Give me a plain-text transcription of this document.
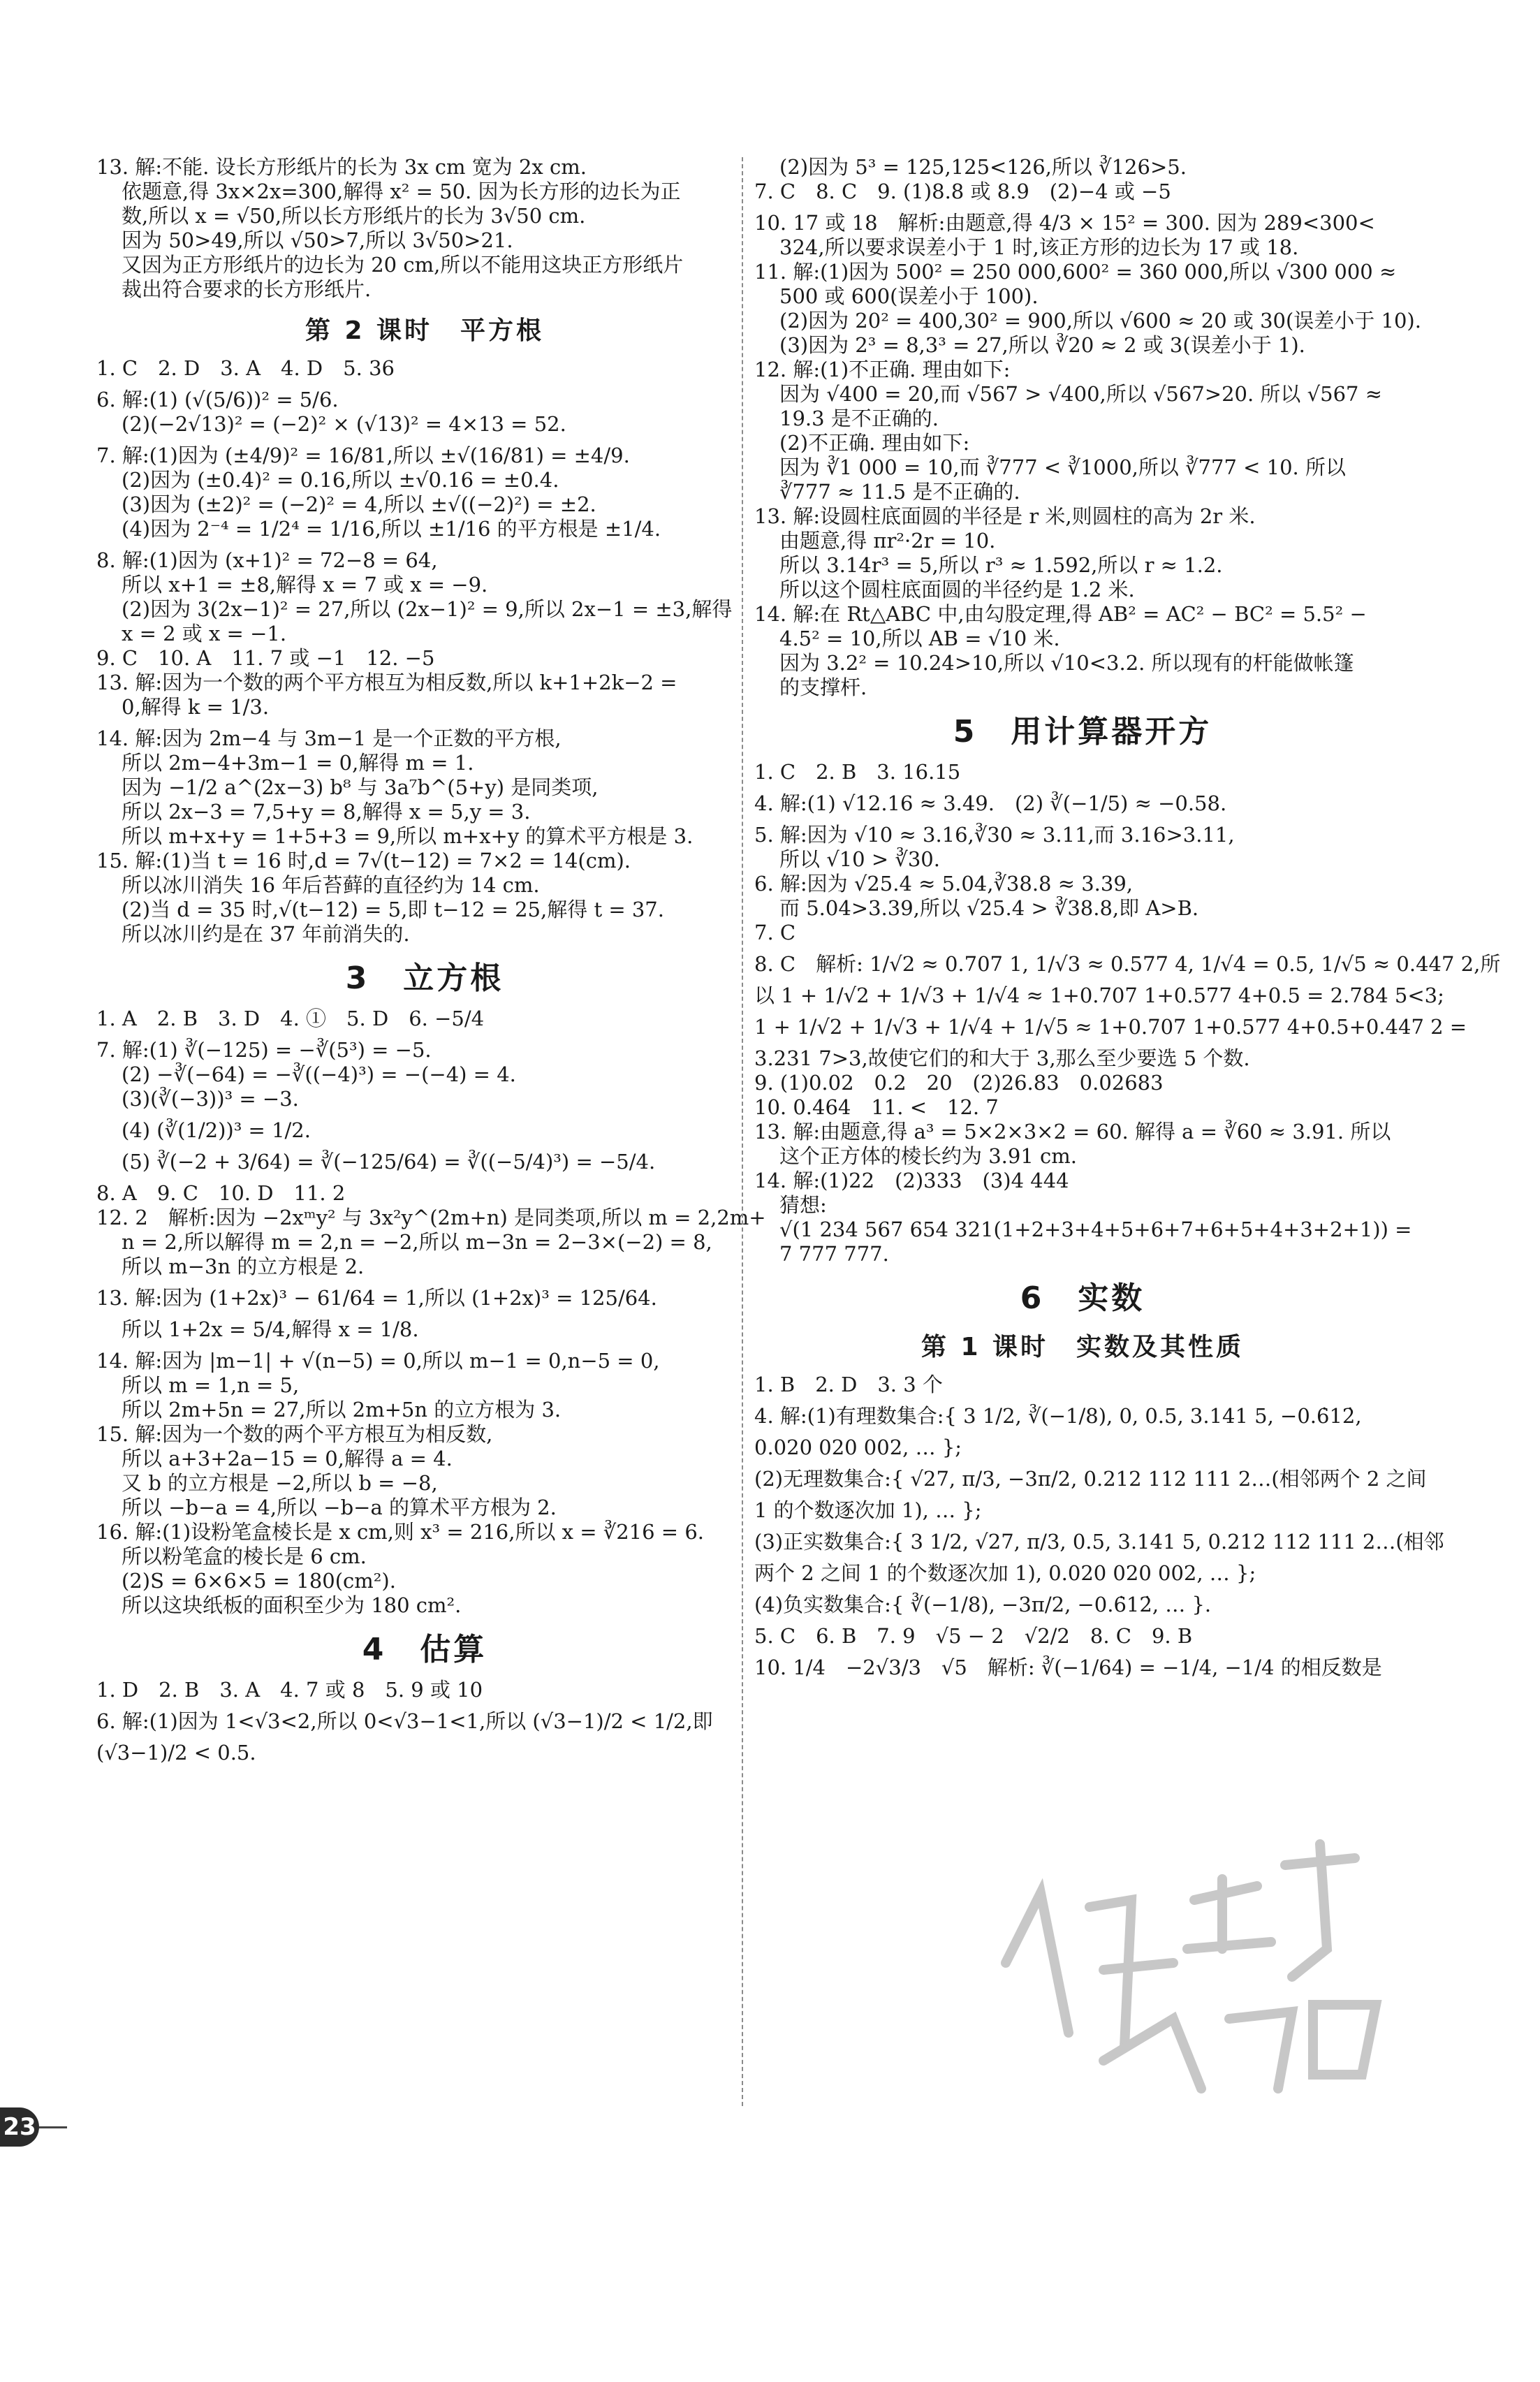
13. 解:不能. 设长方形纸片的长为 3x cm 宽为 2x cm.
依题意,得 3x×2x=300,解得 x² = 50. 因为长方形的边长为正
数,所以 x = √50,所以长方形纸片的长为 3√50 cm.
因为 50>49,所以 √50>7,所以 3√50>21.
又因为正方形纸片的边长为 20 cm,所以不能用这块正方形纸片
裁出符合要求的长方形纸片.
第 2 课时　平方根
1. C　2. D　3. A　4. D　5. 36
6. 解:(1) (√(5/6))² = 5/6.
(2)(−2√13)² = (−2)² × (√13)² = 4×13 = 52.
7. 解:(1)因为 (±4/9)² = 16/81,所以 ±√(16/81) = ±4/9.
(2)因为 (±0.4)² = 0.16,所以 ±√0.16 = ±0.4.
(3)因为 (±2)² = (−2)² = 4,所以 ±√((−2)²) = ±2.
(4)因为 2⁻⁴ = 1/2⁴ = 1/16,所以 ±1/16 的平方根是 ±1/4.
8. 解:(1)因为 (x+1)² = 72−8 = 64,
所以 x+1 = ±8,解得 x = 7 或 x = −9.
(2)因为 3(2x−1)² = 27,所以 (2x−1)² = 9,所以 2x−1 = ±3,解得
x = 2 或 x = −1.
9. C　10. A　11. 7 或 −1　12. −5
13. 解:因为一个数的两个平方根互为相反数,所以 k+1+2k−2 =
0,解得 k = 1/3.
14. 解:因为 2m−4 与 3m−1 是一个正数的平方根,
所以 2m−4+3m−1 = 0,解得 m = 1.
因为 −1/2 a^(2x−3) b⁸ 与 3a⁷b^(5+y) 是同类项,
所以 2x−3 = 7,5+y = 8,解得 x = 5,y = 3.
所以 m+x+y = 1+5+3 = 9,所以 m+x+y 的算术平方根是 3.
15. 解:(1)当 t = 16 时,d = 7√(t−12) = 7×2 = 14(cm).
所以冰川消失 16 年后苔藓的直径约为 14 cm.
(2)当 d = 35 时,√(t−12) = 5,即 t−12 = 25,解得 t = 37.
所以冰川约是在 37 年前消失的.
3　立方根
1. A　2. B　3. D　4. ①　5. D　6. −5/4
7. 解:(1) ∛(−125) = −∛(5³) = −5.
(2) −∛(−64) = −∛((−4)³) = −(−4) = 4.
(3)(∛(−3))³ = −3.
(4) (∛(1/2))³ = 1/2.
(5) ∛(−2 + 3/64) = ∛(−125/64) = ∛((−5/4)³) = −5/4.
8. A　9. C　10. D　11. 2
12. 2　解析:因为 −2xᵐy² 与 3x²y^(2m+n) 是同类项,所以 m = 2,2m+
n = 2,所以解得 m = 2,n = −2,所以 m−3n = 2−3×(−2) = 8,
所以 m−3n 的立方根是 2.
13. 解:因为 (1+2x)³ − 61/64 = 1,所以 (1+2x)³ = 125/64.
所以 1+2x = 5/4,解得 x = 1/8.
14. 解:因为 |m−1| + √(n−5) = 0,所以 m−1 = 0,n−5 = 0,
所以 m = 1,n = 5,
所以 2m+5n = 27,所以 2m+5n 的立方根为 3.
15. 解:因为一个数的两个平方根互为相反数,
所以 a+3+2a−15 = 0,解得 a = 4.
又 b 的立方根是 −2,所以 b = −8,
所以 −b−a = 4,所以 −b−a 的算术平方根为 2.
16. 解:(1)设粉笔盒棱长是 x cm,则 x³ = 216,所以 x = ∛216 = 6.
所以粉笔盒的棱长是 6 cm.
(2)S = 6×6×5 = 180(cm²).
所以这块纸板的面积至少为 180 cm².
4　估算
1. D　2. B　3. A　4. 7 或 8　5. 9 或 10
6. 解:(1)因为 1<√3<2,所以 0<√3−1<1,所以 (√3−1)/2 < 1/2,即
(√3−1)/2 < 0.5.
(2)因为 5³ = 125,125<126,所以 ∛126>5.
7. C　8. C　9. (1)8.8 或 8.9　(2)−4 或 −5
10. 17 或 18　解析:由题意,得 4/3 × 15² = 300. 因为 289<300<
324,所以要求误差小于 1 时,该正方形的边长为 17 或 18.
11. 解:(1)因为 500² = 250 000,600² = 360 000,所以 √300 000 ≈
500 或 600(误差小于 100).
(2)因为 20² = 400,30² = 900,所以 √600 ≈ 20 或 30(误差小于 10).
(3)因为 2³ = 8,3³ = 27,所以 ∛20 ≈ 2 或 3(误差小于 1).
12. 解:(1)不正确. 理由如下:
因为 √400 = 20,而 √567 > √400,所以 √567>20. 所以 √567 ≈
19.3 是不正确的.
(2)不正确. 理由如下:
因为 ∛1 000 = 10,而 ∛777 < ∛1000,所以 ∛777 < 10. 所以
∛777 ≈ 11.5 是不正确的.
13. 解:设圆柱底面圆的半径是 r 米,则圆柱的高为 2r 米.
由题意,得 πr²·2r = 10.
所以 3.14r³ = 5,所以 r³ ≈ 1.592,所以 r ≈ 1.2.
所以这个圆柱底面圆的半径约是 1.2 米.
14. 解:在 Rt△ABC 中,由勾股定理,得 AB² = AC² − BC² = 5.5² −
4.5² = 10,所以 AB = √10 米.
因为 3.2² = 10.24>10,所以 √10<3.2. 所以现有的杆能做帐篷
的支撑杆.
5　用计算器开方
1. C　2. B　3. 16.15
4. 解:(1) √12.16 ≈ 3.49.　(2) ∛(−1/5) ≈ −0.58.
5. 解:因为 √10 ≈ 3.16,∛30 ≈ 3.11,而 3.16>3.11,
所以 √10 > ∛30.
6. 解:因为 √25.4 ≈ 5.04,∛38.8 ≈ 3.39,
而 5.04>3.39,所以 √25.4 > ∛38.8,即 A>B.
7. C
8. C　解析: 1/√2 ≈ 0.707 1, 1/√3 ≈ 0.577 4, 1/√4 = 0.5, 1/√5 ≈ 0.447 2,所
以 1 + 1/√2 + 1/√3 + 1/√4 ≈ 1+0.707 1+0.577 4+0.5 = 2.784 5<3;
1 + 1/√2 + 1/√3 + 1/√4 + 1/√5 ≈ 1+0.707 1+0.577 4+0.5+0.447 2 =
3.231 7>3,故使它们的和大于 3,那么至少要选 5 个数.
9. (1)0.02　0.2　20　(2)26.83　0.02683
10. 0.464　11. <　12. 7
13. 解:由题意,得 a³ = 5×2×3×2 = 60. 解得 a = ∛60 ≈ 3.91. 所以
这个正方体的棱长约为 3.91 cm.
14. 解:(1)22　(2)333　(3)4 444
猜想:
√(1 234 567 654 321(1+2+3+4+5+6+7+6+5+4+3+2+1)) =
7 777 777.
6　实数
第 1 课时　实数及其性质
1. B　2. D　3. 3 个
4. 解:(1)有理数集合:{ 3 1/2, ∛(−1/8), 0, 0.5, 3.141 5, −0.6̇12̇,
0.020 020 002, … };
(2)无理数集合:{ √27, π/3, −3π/2, 0.212 112 111 2…(相邻两个 2 之间
1 的个数逐次加 1), … };
(3)正实数集合:{ 3 1/2, √27, π/3, 0.5, 3.141 5, 0.212 112 111 2…(相邻
两个 2 之间 1 的个数逐次加 1), 0.020 020 002, … };
(4)负实数集合:{ ∛(−1/8), −3π/2, −0.6̇12̇, … }.
5. C　6. B　7. 9　√5 − 2　√2/2　8. C　9. B
10. 1/4　−2√3/3　√5　解析: ∛(−1/64) = −1/4, −1/4 的相反数是
23
